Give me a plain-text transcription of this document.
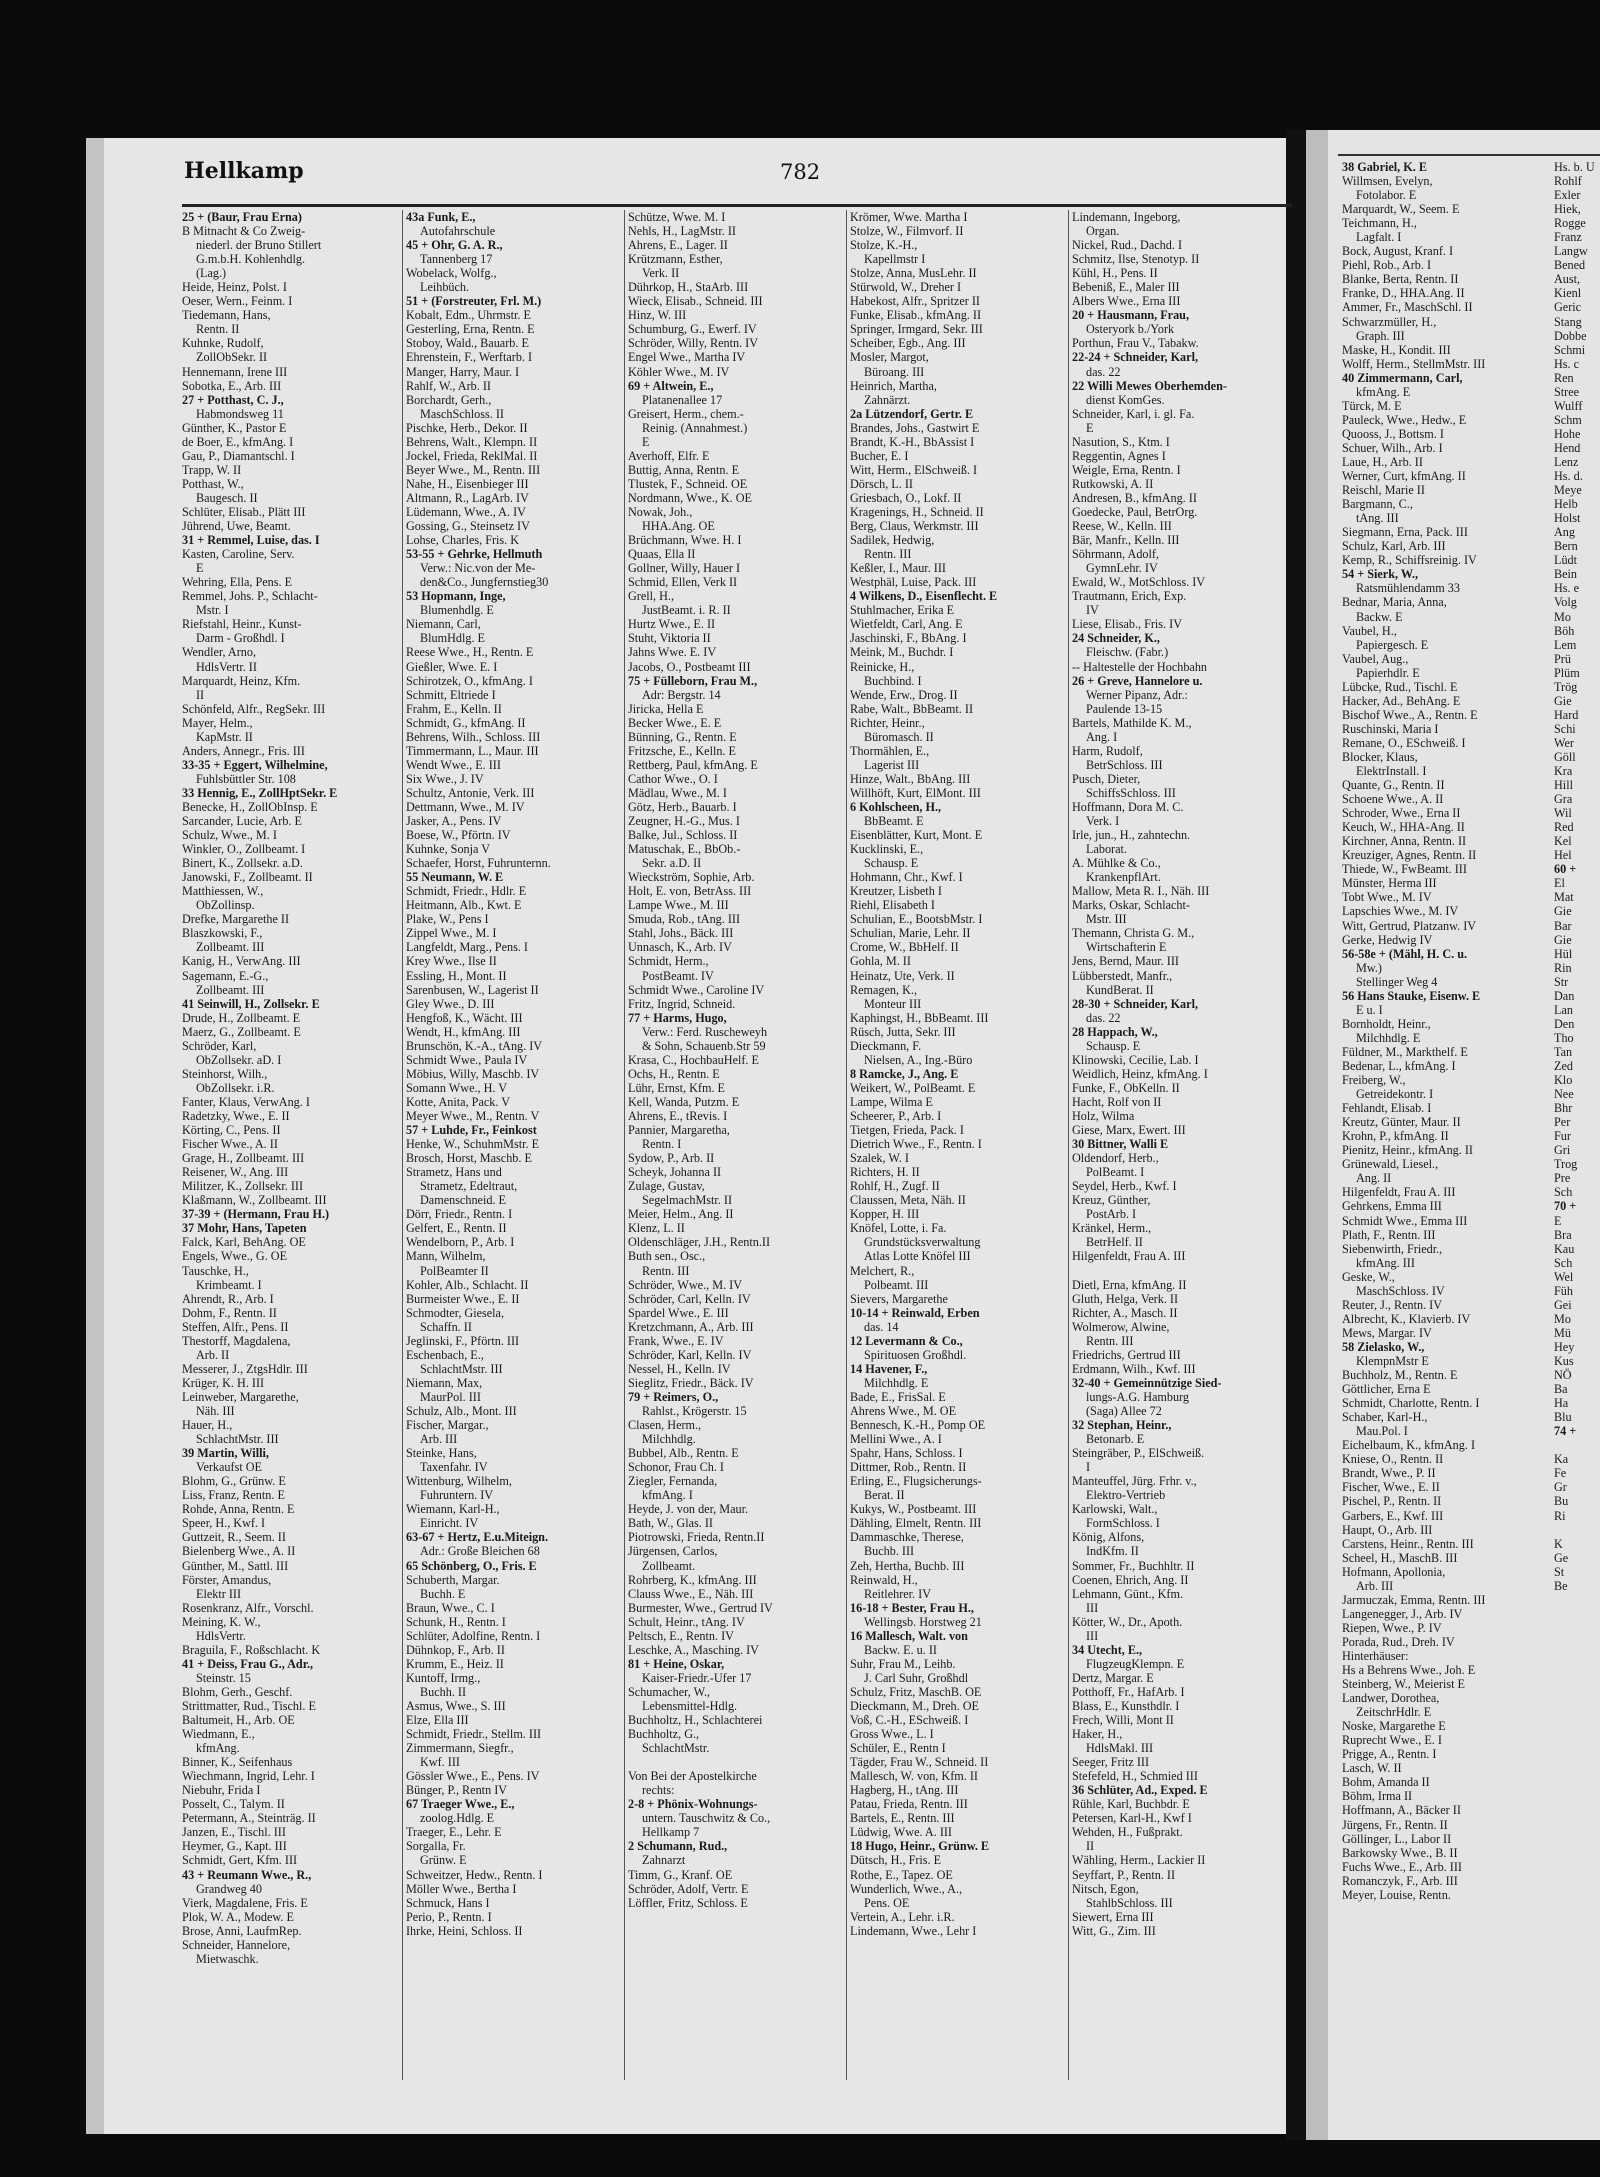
Hellkamp	782
25 + (Baur, Frau Erna)
B Mitnacht & Co Zweig-
niederl. der Bruno Stillert
G.m.b.H. Kohlenhdlg.
(Lag.)
Heide, Heinz, Polst. I
Oeser, Wern., Feinm. I
Tiedemann, Hans,
Rentn. II
Kuhnke, Rudolf,
ZollObSekr. II
Hennemann, Irene III
Sobotka, E., Arb. III
27 + Potthast, C. J.,
Habmondsweg 11
Günther, K., Pastor E
de Boer, E., kfmAng. I
Gau, P., Diamantschl. I
Trapp, W. II
Potthast, W.,
Baugesch. II
Schlüter, Elisab., Plätt III
Jührend, Uwe, Beamt.
31 + Remmel, Luise, das. I
Kasten, Caroline, Serv.
E
Wehring, Ella, Pens. E
Remmel, Johs. P., Schlacht-
Mstr. I
Riefstahl, Heinr., Kunst-
Darm - Großhdl. I
Wendler, Arno,
HdlsVertr. II
Marquardt, Heinz, Kfm.
II
Schönfeld, Alfr., RegSekr. III
Mayer, Helm.,
KapMstr. II
Anders, Annegr., Fris. III
33-35 + Eggert, Wilhelmine,
Fuhlsbüttler Str. 108
33 Hennig, E., ZollHptSekr. E
Benecke, H., ZollObInsp. E
Sarcander, Lucie, Arb. E
Schulz, Wwe., M. I
Winkler, O., Zollbeamt. I
Binert, K., Zollsekr. a.D.
Janowski, F., Zollbeamt. II
Matthiessen, W.,
ObZollinsp.
Drefke, Margarethe II
Blaszkowski, F.,
Zollbeamt. III
Kanig, H., VerwAng. III
Sagemann, E.-G.,
Zollbeamt. III
41 Seinwill, H., Zollsekr. E
Drude, H., Zollbeamt. E
Maerz, G., Zollbeamt. E
Schröder, Karl,
ObZollsekr. aD. I
Steinhorst, Wilh.,
ObZollsekr. i.R.
Fanter, Klaus, VerwAng. I
Radetzky, Wwe., E. II
Körting, C., Pens. II
Fischer Wwe., A. II
Grage, H., Zollbeamt. III
Reisener, W., Ang. III
Militzer, K., Zollsekr. III
Klaßmann, W., Zollbeamt. III
37-39 + (Hermann, Frau H.)
37 Mohr, Hans, Tapeten
Falck, Karl, BehAng. OE
Engels, Wwe., G. OE
Tauschke, H.,
Krimbeamt. I
Ahrendt, R., Arb. I
Dohm, F., Rentn. II
Steffen, Alfr., Pens. II
Thestorff, Magdalena,
Arb. II
Messerer, J., ZtgsHdlr. III
Krüger, K. H. III
Leinweber, Margarethe,
Näh. III
Hauer, H.,
SchlachtMstr. III
39 Martin, Willi,
Verkaufst OE
Blohm, G., Grünw. E
Liss, Franz, Rentn. E
Rohde, Anna, Rentn. E
Speer, H., Kwf. I
Guttzeit, R., Seem. II
Bielenberg Wwe., A. II
Günther, M., Sattl. III
Förster, Amandus,
Elektr III
Rosenkranz, Alfr., Vorschl.
Meining, K. W.,
HdlsVertr.
Braguila, F., Roßschlacht. K
41 + Deiss, Frau G., Adr.,
Steinstr. 15
Blohm, Gerh., Geschf.
Strittmatter, Rud., Tischl. E
Baltumeit, H., Arb. OE
Wiedmann, E.,
kfmAng.
Binner, K., Seifenhaus
Wiechmann, Ingrid, Lehr. I
Niebuhr, Frida I
Posselt, C., Talym. II
Petermann, A., Steinträg. II
Janzen, E., Tischl. III
Heymer, G., Kapt. III
Schmidt, Gert, Kfm. III
43 + Reumann Wwe., R.,
Grandweg 40
Vierk, Magdalene, Fris. E
Plok, W. A., Modew. E
Brose, Anni, LaufmRep.
Schneider, Hannelore,
Mietwaschk.
43a Funk, E.,
Autofahrschule
45 + Ohr, G. A. R.,
Tannenberg 17
Wobelack, Wolfg.,
Leihbüch.
51 + (Forstreuter, Frl. M.)
Kobalt, Edm., Uhrmstr. E
Gesterling, Erna, Rentn. E
Stoboy, Wald., Bauarb. E
Ehrenstein, F., Werftarb. I
Manger, Harry, Maur. I
Rahlf, W., Arb. II
Borchardt, Gerh.,
MaschSchloss. II
Pischke, Herb., Dekor. II
Behrens, Walt., Klempn. II
Jockel, Frieda, ReklMal. II
Beyer Wwe., M., Rentn. III
Nahe, H., Eisenbieger III
Altmann, R., LagArb. IV
Lüdemann, Wwe., A. IV
Gossing, G., Steinsetz IV
Lohse, Charles, Fris. K
53-55 + Gehrke, Hellmuth
Verw.: Nic.von der Me-
den&Co., Jungfernstieg30
53 Hopmann, Inge,
Blumenhdlg. E
Niemann, Carl,
BlumHdlg. E
Reese Wwe., H., Rentn. E
Gießler, Wwe. E. I
Schirotzek, O., kfmAng. I
Schmitt, Eltriede I
Frahm, E., Kelln. II
Schmidt, G., kfmAng. II
Behrens, Wilh., Schloss. III
Timmermann, L., Maur. III
Wendt Wwe., E. III
Six Wwe., J. IV
Schultz, Antonie, Verk. III
Dettmann, Wwe., M. IV
Jasker, A., Pens. IV
Boese, W., Pförtn. IV
Kuhnke, Sonja V
Schaefer, Horst, Fuhrunternn.
55 Neumann, W. E
Schmidt, Friedr., Hdlr. E
Heitmann, Alb., Kwt. E
Plake, W., Pens I
Zippel Wwe., M. I
Langfeldt, Marg., Pens. I
Krey Wwe., Ilse II
Essling, H., Mont. II
Sarenbusen, W., Lagerist II
Gley Wwe., D. III
Hengfoß, K., Wächt. III
Wendt, H., kfmAng. III
Brunschön, K.-A., tAng. IV
Schmidt Wwe., Paula IV
Möbius, Willy, Maschb. IV
Somann Wwe., H. V
Kotte, Anita, Pack. V
Meyer Wwe., M., Rentn. V
57 + Luhde, Fr., Feinkost
Henke, W., SchuhmMstr. E
Brosch, Horst, Maschb. E
Strametz, Hans und
Strametz, Edeltraut,
Damenschneid. E
Dörr, Friedr., Rentn. I
Gelfert, E., Rentn. II
Wendelborn, P., Arb. I
Mann, Wilhelm,
PolBeamter II
Kohler, Alb., Schlacht. II
Burmeister Wwe., E. II
Schmodter, Giesela,
Schaffn. II
Jeglinski, F., Pförtn. III
Eschenbach, E.,
SchlachtMstr. III
Niemann, Max,
MaurPol. III
Schulz, Alb., Mont. III
Fischer, Margar.,
Arb. III
Steinke, Hans,
Taxenfahr. IV
Wittenburg, Wilhelm,
Fuhruntern. IV
Wiemann, Karl-H.,
Einricht. IV
63-67 + Hertz, E.u.Miteign.
Adr.: Große Bleichen 68
65 Schönberg, O., Fris. E
Schuberth, Margar.
Buchh. E
Braun, Wwe., C. I
Schunk, H., Rentn. I
Schlüter, Adolfine, Rentn. I
Dühnkop, F., Arb. II
Krumm, E., Heiz. II
Kuntoff, Irmg.,
Buchh. II
Asmus, Wwe., S. III
Elze, Ella III
Schmidt, Friedr., Stellm. III
Zimmermann, Siegfr.,
Kwf. III
Gössler Wwe., E., Pens. IV
Bünger, P., Rentn IV
67 Traeger Wwe., E.,
zoolog.Hdlg. E
Traeger, E., Lehr. E
Sorgalla, Fr.
Grünw. E
Schweitzer, Hedw., Rentn. I
Möller Wwe., Bertha I
Schmuck, Hans I
Perio, P., Rentn. I
Ihrke, Heini, Schloss. II
Schütze, Wwe. M. I
Nehls, H., LagMstr. II
Ahrens, E., Lager. II
Krützmann, Esther,
Verk. II
Dührkop, H., StaArb. III
Wieck, Elisab., Schneid. III
Hinz, W. III
Schumburg, G., Ewerf. IV
Schröder, Willy, Rentn. IV
Engel Wwe., Martha IV
Köhler Wwe., M. IV
69 + Altwein, E.,
Platanenallee 17
Greisert, Herm., chem.-
Reinig. (Annahmest.)
E
Averhoff, Elfr. E
Buttig, Anna, Rentn. E
Tlustek, F., Schneid. OE
Nordmann, Wwe., K. OE
Nowak, Joh.,
HHA.Ang. OE
Brüchmann, Wwe. H. I
Quaas, Ella II
Gollner, Willy, Hauer I
Schmid, Ellen, Verk II
Grell, H.,
JustBeamt. i. R. II
Hurtz Wwe., E. II
Stuht, Viktoria II
Jahns Wwe. E. IV
Jacobs, O., Postbeamt III
75 + Fülleborn, Frau M.,
Adr: Bergstr. 14
Jiricka, Hella E
Becker Wwe., E. E
Bünning, G., Rentn. E
Fritzsche, E., Kelln. E
Rettberg, Paul, kfmAng. E
Cathor Wwe., O. I
Mädlau, Wwe., M. I
Götz, Herb., Bauarb. I
Zeugner, H.-G., Mus. I
Balke, Jul., Schloss. II
Matuschak, E., BbOb.-
Sekr. a.D. II
Wieckström, Sophie, Arb.
Holt, E. von, BetrAss. III
Lampe Wwe., M. III
Smuda, Rob., tAng. III
Stahl, Johs., Bäck. III
Unnasch, K., Arb. IV
Schmidt, Herm.,
PostBeamt. IV
Schmidt Wwe., Caroline IV
Fritz, Ingrid, Schneid.
77 + Harms, Hugo,
Verw.: Ferd. Ruscheweyh
& Sohn, Schauenb.Str 59
Krasa, C., HochbauHelf. E
Ochs, H., Rentn. E
Lühr, Ernst, Kfm. E
Kell, Wanda, Putzm. E
Ahrens, E., tRevis. I
Pannier, Margaretha,
Rentn. I
Sydow, P., Arb. II
Scheyk, Johanna II
Zulage, Gustav,
SegelmachMstr. II
Meier, Helm., Ang. II
Klenz, L. II
Oldenschläger, J.H., Rentn.II
Buth sen., Osc.,
Rentn. III
Schröder, Wwe., M. IV
Schröder, Carl, Kelln. IV
Spardel Wwe., E. III
Kretzchmann, A., Arb. III
Frank, Wwe., E. IV
Schröder, Karl, Kelln. IV
Nessel, H., Kelln. IV
Sieglitz, Friedr., Bäck. IV
79 + Reimers, O.,
Rahlst., Krögerstr. 15
Clasen, Herm.,
Milchhdlg.
Bubbel, Alb., Rentn. E
Schonor, Frau Ch. I
Ziegler, Fernanda,
kfmAng. I
Heyde, J. von der, Maur.
Bath, W., Glas. II
Piotrowski, Frieda, Rentn.II
Jürgensen, Carlos,
Zollbeamt.
Rohrberg, K., kfmAng. III
Clauss Wwe., E., Näh. III
Burmester, Wwe., Gertrud IV
Schult, Heinr., tAng. IV
Peltsch, E., Rentn. IV
Leschke, A., Masching. IV
81 + Heine, Oskar,
Kaiser-Friedr.-Ufer 17
Schumacher, W.,
Lebensmittel-Hdlg.
Buchholtz, H., Schlachterei
Buchholtz, G.,
SchlachtMstr.

Von Bei der Apostelkirche
rechts:
2-8 + Phönix-Wohnungs-
untern. Tauschwitz & Co.,
Hellkamp 7
2 Schumann, Rud.,
Zahnarzt
Timm, G., Kranf. OE
Schröder, Adolf, Vertr. E
Löffler, Fritz, Schloss. E
Krömer, Wwe. Martha I
Stolze, W., Filmvorf. II
Stolze, K.-H.,
Kapellmstr I
Stolze, Anna, MusLehr. II
Stürwold, W., Dreher I
Habekost, Alfr., Spritzer II
Funke, Elisab., kfmAng. II
Springer, Irmgard, Sekr. III
Scheiber, Egb., Ang. III
Mosler, Margot,
Büroang. III
Heinrich, Martha,
Zahnärzt.
2a Lützendorf, Gertr. E
Brandes, Johs., Gastwirt E
Brandt, K.-H., BbAssist I
Bucher, E. I
Witt, Herm., ElSchweiß. I
Dörsch, L. II
Griesbach, O., Lokf. II
Kragenings, H., Schneid. II
Berg, Claus, Werkmstr. III
Sadilek, Hedwig,
Rentn. III
Keßler, I., Maur. III
Westphäl, Luise, Pack. III
4 Wilkens, D., Eisenflecht. E
Stuhlmacher, Erika E
Wietfeldt, Carl, Ang. E
Jaschinski, F., BbAng. I
Meink, M., Buchdr. I
Reinicke, H.,
Buchbind. I
Wende, Erw., Drog. II
Rabe, Walt., BbBeamt. II
Richter, Heinr.,
Büromasch. II
Thormählen, E.,
Lagerist III
Hinze, Walt., BbAng. III
Willhöft, Kurt, ElMont. III
6 Kohlscheen, H.,
BbBeamt. E
Eisenblätter, Kurt, Mont. E
Kucklinski, E.,
Schausp. E
Hohmann, Chr., Kwf. I
Kreutzer, Lisbeth I
Riehl, Elisabeth I
Schulian, E., BootsbMstr. I
Schulian, Marie, Lehr. II
Crome, W., BbHelf. II
Gohla, M. II
Heinatz, Ute, Verk. II
Remagen, K.,
Monteur III
Kaphingst, H., BbBeamt. III
Rüsch, Jutta, Sekr. III
Dieckmann, F.
Nielsen, A., Ing.-Büro
8 Ramcke, J., Ang. E
Weikert, W., PolBeamt. E
Lampe, Wilma E
Scheerer, P., Arb. I
Tietgen, Frieda, Pack. I
Dietrich Wwe., F., Rentn. I
Szalek, W. I
Richters, H. II
Rohlf, H., Zugf. II
Claussen, Meta, Näh. II
Kopper, H. III
Knöfel, Lotte, i. Fa.
Grundstücksverwaltung
Atlas Lotte Knöfel III
Melchert, R.,
Polbeamt. III
Sievers, Margarethe
10-14 + Reinwald, Erben
das. 14
12 Levermann & Co.,
Spirituosen Großhdl.
14 Havener, F.,
Milchhdlg. E
Bade, E., FrisSal. E
Ahrens Wwe., M. OE
Bennesch, K.-H., Pomp OE
Mellini Wwe., A. I
Spahr, Hans, Schloss. I
Dittmer, Rob., Rentn. II
Erling, E., Flugsicherungs-
Berat. II
Kukys, W., Postbeamt. III
Dähling, Elmelt, Rentn. III
Dammaschke, Therese,
Buchb. III
Zeh, Hertha, Buchb. III
Reinwald, H.,
Reitlehrer. IV
16-18 + Bester, Frau H.,
Wellingsb. Horstweg 21
16 Mallesch, Walt. von
Backw. E. u. II
Suhr, Frau M., Leihb.
J. Carl Suhr, Großhdl
Schulz, Fritz, MaschB. OE
Dieckmann, M., Dreh. OE
Voß, C.-H., ESchweiß. I
Gross Wwe., L. I
Schüler, E., Rentn I
Tägder, Frau W., Schneid. II
Mallesch, W. von, Kfm. II
Hagberg, H., tAng. III
Patau, Frieda, Rentn. III
Bartels, E., Rentn. III
Lüdwig, Wwe. A. III
18 Hugo, Heinr., Grünw. E
Dütsch, H., Fris. E
Rothe, E., Tapez. OE
Wunderlich, Wwe., A.,
Pens. OE
Vertein, A., Lehr. i.R.
Lindemann, Wwe., Lehr I
Lindemann, Ingeborg,
Organ.
Nickel, Rud., Dachd. I
Schmitz, Ilse, Stenotyp. II
Kühl, H., Pens. II
Bebeniß, E., Maler III
Albers Wwe., Erna III
20 + Hausmann, Frau,
Osteryork b./York
Porthun, Frau V., Tabakw.
22-24 + Schneider, Karl,
das. 22
22 Willi Mewes Oberhemden-
dienst KomGes.
Schneider, Karl, i. gl. Fa.
E
Nasution, S., Ktm. I
Reggentin, Agnes I
Weigle, Erna, Rentn. I
Rutkowski, A. II
Andresen, B., kfmAng. II
Goedecke, Paul, BetrOrg.
Reese, W., Kelln. III
Bär, Manfr., Kelln. III
Söhrmann, Adolf,
GymnLehr. IV
Ewald, W., MotSchloss. IV
Trautmann, Erich, Exp.
IV
Liese, Elisab., Fris. IV
24 Schneider, K.,
Fleischw. (Fabr.)
-- Haltestelle der Hochbahn
26 + Greve, Hannelore u.
Werner Pipanz, Adr.:
Paulende 13-15
Bartels, Mathilde K. M.,
Ang. I
Harm, Rudolf,
BetrSchloss. III
Pusch, Dieter,
SchiffsSchloss. III
Hoffmann, Dora M. C.
Verk. I
Irle, jun., H., zahntechn.
Laborat.
A. Mühlke & Co.,
KrankenpflArt.
Mallow, Meta R. I., Näh. III
Marks, Oskar, Schlacht-
Mstr. III
Themann, Christa G. M.,
Wirtschafterin E
Jens, Bernd, Maur. III
Lübberstedt, Manfr.,
KundBerat. II
28-30 + Schneider, Karl,
das. 22
28 Happach, W.,
Schausp. E
Klinowski, Cecilie, Lab. I
Weidlich, Heinz, kfmAng. I
Funke, F., ObKelln. II
Hacht, Rolf von II
Holz, Wilma
Giese, Marx, Ewert. III
30 Bittner, Walli E
Oldendorf, Herb.,
PolBeamt. I
Seydel, Herb., Kwf. I
Kreuz, Günther,
PostArb. I
Kränkel, Herm.,
BetrHelf. II
Hilgenfeldt, Frau A. III

Dietl, Erna, kfmAng. II
Gluth, Helga, Verk. II
Richter, A., Masch. II
Wolmerow, Alwine,
Rentn. III
Friedrichs, Gertrud III
Erdmann, Wilh., Kwf. III
32-40 + Gemeinnützige Sied-
lungs-A.G. Hamburg
(Saga) Allee 72
32 Stephan, Heinr.,
Betonarb. E
Steingräber, P., ElSchweiß.
I
Manteuffel, Jürg. Frhr. v.,
Elektro-Vertrieb
Karlowski, Walt.,
FormSchloss. I
König, Alfons,
IndKfm. II
Sommer, Fr., Buchhltr. II
Coenen, Ehrich, Ang. II
Lehmann, Günt., Kfm.
III
Kötter, W., Dr., Apoth.
III
34 Utecht, E.,
FlugzeugKlempn. E
Dertz, Margar. E
Potthoff, Fr., HafArb. I
Blass, E., Kunsthdlr. I
Frech, Willi, Mont II
Haker, H.,
HdlsMakl. III
Seeger, Fritz III
Stefefeld, H., Schmied III
36 Schlüter, Ad., Exped. E
Rühle, Karl, Buchbdr. E
Petersen, Karl-H., Kwf I
Wehden, H., Fußprakt.
II
Wähling, Herm., Lackier II
Seyffart, P., Rentn. II
Nitsch, Egon,
StahlbSchloss. III
Siewert, Erna III
Witt, G., Zim. III
38 Gabriel, K. E
Willmsen, Evelyn,
Fotolabor. E
Marquardt, W., Seem. E
Teichmann, H.,
Lagfalt. I
Bock, August, Kranf. I
Piehl, Rob., Arb. I
Blanke, Berta, Rentn. II
Franke, D., HHA.Ang. II
Ammer, Fr., MaschSchl. II
Schwarzmüller, H.,
Graph. III
Maske, H., Kondit. III
Wolff, Herm., StellmMstr. III
40 Zimmermann, Carl,
kfmAng. E
Türck, M. E
Pauleck, Wwe., Hedw., E
Quooss, J., Bottsm. I
Schuer, Wilh., Arb. I
Laue, H., Arb. II
Werner, Curt, kfmAng. II
Reischl, Marie II
Bargmann, C.,
tAng. III
Siegmann, Erna, Pack. III
Schulz, Karl, Arb. III
Kemp, R., Schiffsreinig. IV
54 + Sierk, W.,
Ratsmühlendamm 33
Bednar, Maria, Anna,
Backw. E
Vaubel, H.,
Papiergesch. E
Vaubel, Aug.,
Papierhdlr. E
Lübcke, Rud., Tischl. E
Hacker, Ad., BehAng. E
Bischof Wwe., A., Rentn. E
Ruschinski, Maria I
Remane, O., ESchweiß. I
Blocker, Klaus,
ElektrInstall. I
Quante, G., Rentn. II
Schoene Wwe., A. II
Schroder, Wwe., Erna II
Keuch, W., HHA-Ang. II
Kirchner, Anna, Rentn. II
Kreuziger, Agnes, Rentn. II
Thiede, W., FwBeamt. III
Münster, Herma III
Tobt Wwe., M. IV
Lapschies Wwe., M. IV
Witt, Gertrud, Platzanw. IV
Gerke, Hedwig IV
56-58e + (Mähl, H. C. u.
Mw.)
Stellinger Weg 4
56 Hans Stauke, Eisenw. E
E u. I
Bornholdt, Heinr.,
Milchhdlg. E
Füldner, M., Markthelf. E
Bedenar, L., kfmAng. I
Freiberg, W.,
Getreidekontr. I
Fehlandt, Elisab. I
Kreutz, Günter, Maur. II
Krohn, P., kfmAng. II
Pienitz, Heinr., kfmAng. II
Grünewald, Liesel.,
Ang. II
Hilgenfeldt, Frau A. III
Gehrkens, Emma III
Schmidt Wwe., Emma III
Plath, F., Rentn. III
Siebenwirth, Friedr.,
kfmAng. III
Geske, W.,
MaschSchloss. IV
Reuter, J., Rentn. IV
Albrecht, K., Klavierb. IV
Mews, Margar. IV
58 Zielasko, W.,
KlempnMstr E
Buchholz, M., Rentn. E
Göttlicher, Erna E
Schmidt, Charlotte, Rentn. I
Schaber, Karl-H.,
Mau.Pol. I
Eichelbaum, K., kfmAng. I
Kniese, O., Rentn. II
Brandt, Wwe., P. II
Fischer, Wwe., E. II
Pischel, P., Rentn. II
Garbers, E., Kwf. III
Haupt, O., Arb. III
Carstens, Heinr., Rentn. III
Scheel, H., MaschB. III
Hofmann, Apollonia,
Arb. III
Jarmuczak, Emma, Rentn. III
Langenegger, J., Arb. IV
Riepen, Wwe., P. IV
Porada, Rud., Dreh. IV
Hinterhäuser:
Hs a Behrens Wwe., Joh. E
Steinberg, W., Meierist E
Landwer, Dorothea,
ZeitschrHdlr. E
Noske, Margarethe E
Ruprecht Wwe., E. I
Prigge, A., Rentn. I
Lasch, W. II
Bohm, Amanda II
Böhm, Irma II
Hoffmann, A., Bäcker II
Jürgens, Fr., Rentn. II
Göllinger, L., Labor II
Barkowsky Wwe., B. II
Fuchs Wwe., E., Arb. III
Romanczyk, F., Arb. III
Meyer, Louise, Rentn.
Hs. b. U
Rohlf
Exler
Hiek,
Rogge
Franz
Langw
Bened
Aust,
Kienl
Geric
Stang
Dobbe
Schmi
Hs. c
Ren
Stree
Wulff
Schm
Hohe
Hend
Lenz
Hs. d.
Meye
Helb
Holst
Ang
Bern
Lüdt
Bein
Hs. e
Volg
Mo
Böh
Lem
Prü
Plüm
Trög
Gie
Hard
Schi
Wer
Göll
Kra
Hill
Gra
Wil
Red
Kel
Hel
60 +
El
Mat
Gie
Bar
Gie
Hül
Rin
Str
Dan
Lan
Den
Tho
Tan
Zed
Klo
Nee
Bhr
Per
Fur
Gri
Trog
Pre
Sch
70 +
E
Bra
Kau
Sch
Wel
Füh
Gei
Mo
Mü
Hey
Kus
NÖ
Ba
Ha
Blu
74 +

Ka
Fe
Gr
Bu
Ri

K
Ge
St
Be
